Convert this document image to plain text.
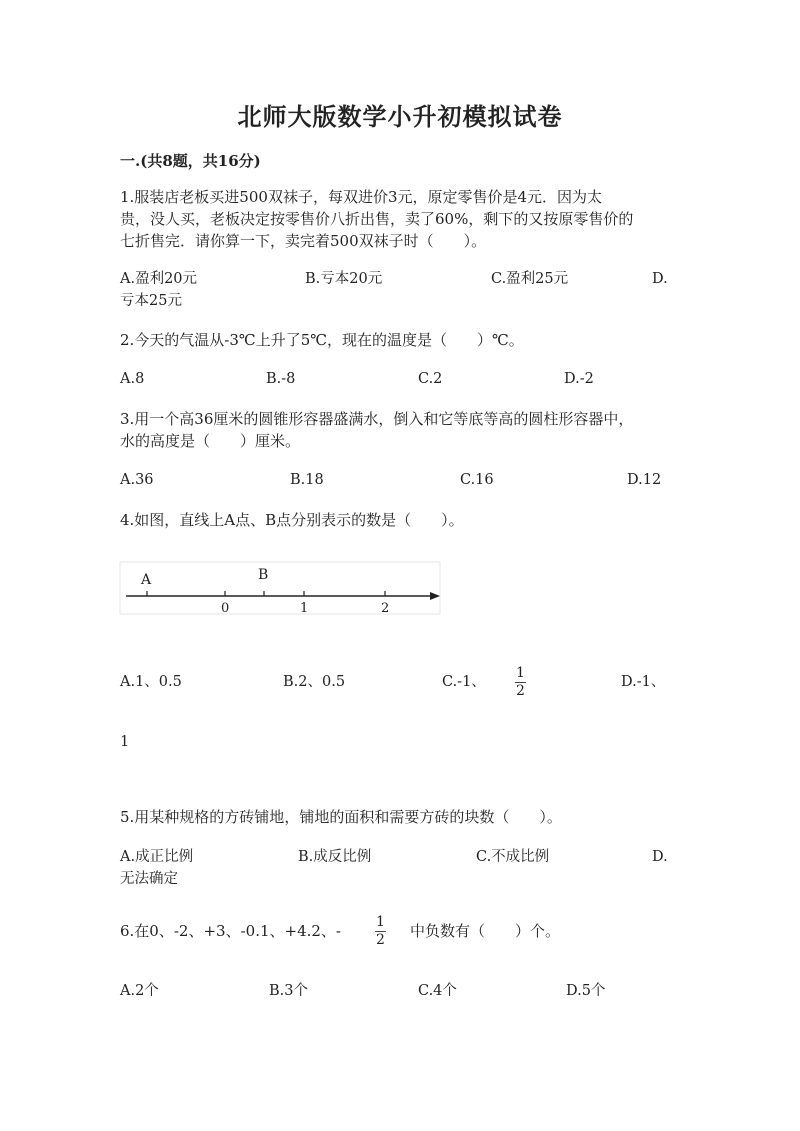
北师大版数学小升初模拟试卷
一.(共8题，共16分)
1.服装店老板买进500双袜子，每双进价3元，原定零售价是4元．因为太
贵，没人买，老板决定按零售价八折出售，卖了60%，剩下的又按原零售价的
七折售完．请你算一下，卖完着500双袜子时（　　）。
A.盈利20元	B.亏本20元	C.盈利25元	D.
亏本25元
2.今天的气温从-3℃上升了5℃，现在的温度是（　　）℃。
A.8	B.-8	C.2	D.-2
3.用一个高36厘米的圆锥形容器盛满水，倒入和它等底等高的圆柱形容器中，
水的高度是（　　）厘米。
A.36	B.18	C.16	D.12
4.如图，直线上A点、B点分别表示的数是（　　）。
A	B
0	1	2
A.1、0.5	B.2、0.5	C.-1、
1
2
D.-1、
1
5.用某种规格的方砖铺地，铺地的面积和需要方砖的块数（　　）。
A.成正比例	B.成反比例	C.不成比例	D.
无法确定
6.在0、-2、+3、-0.1、+4.2、-	1
2 中负数有（　　）个。
A.2个	B.3个	C.4个	D.5个
